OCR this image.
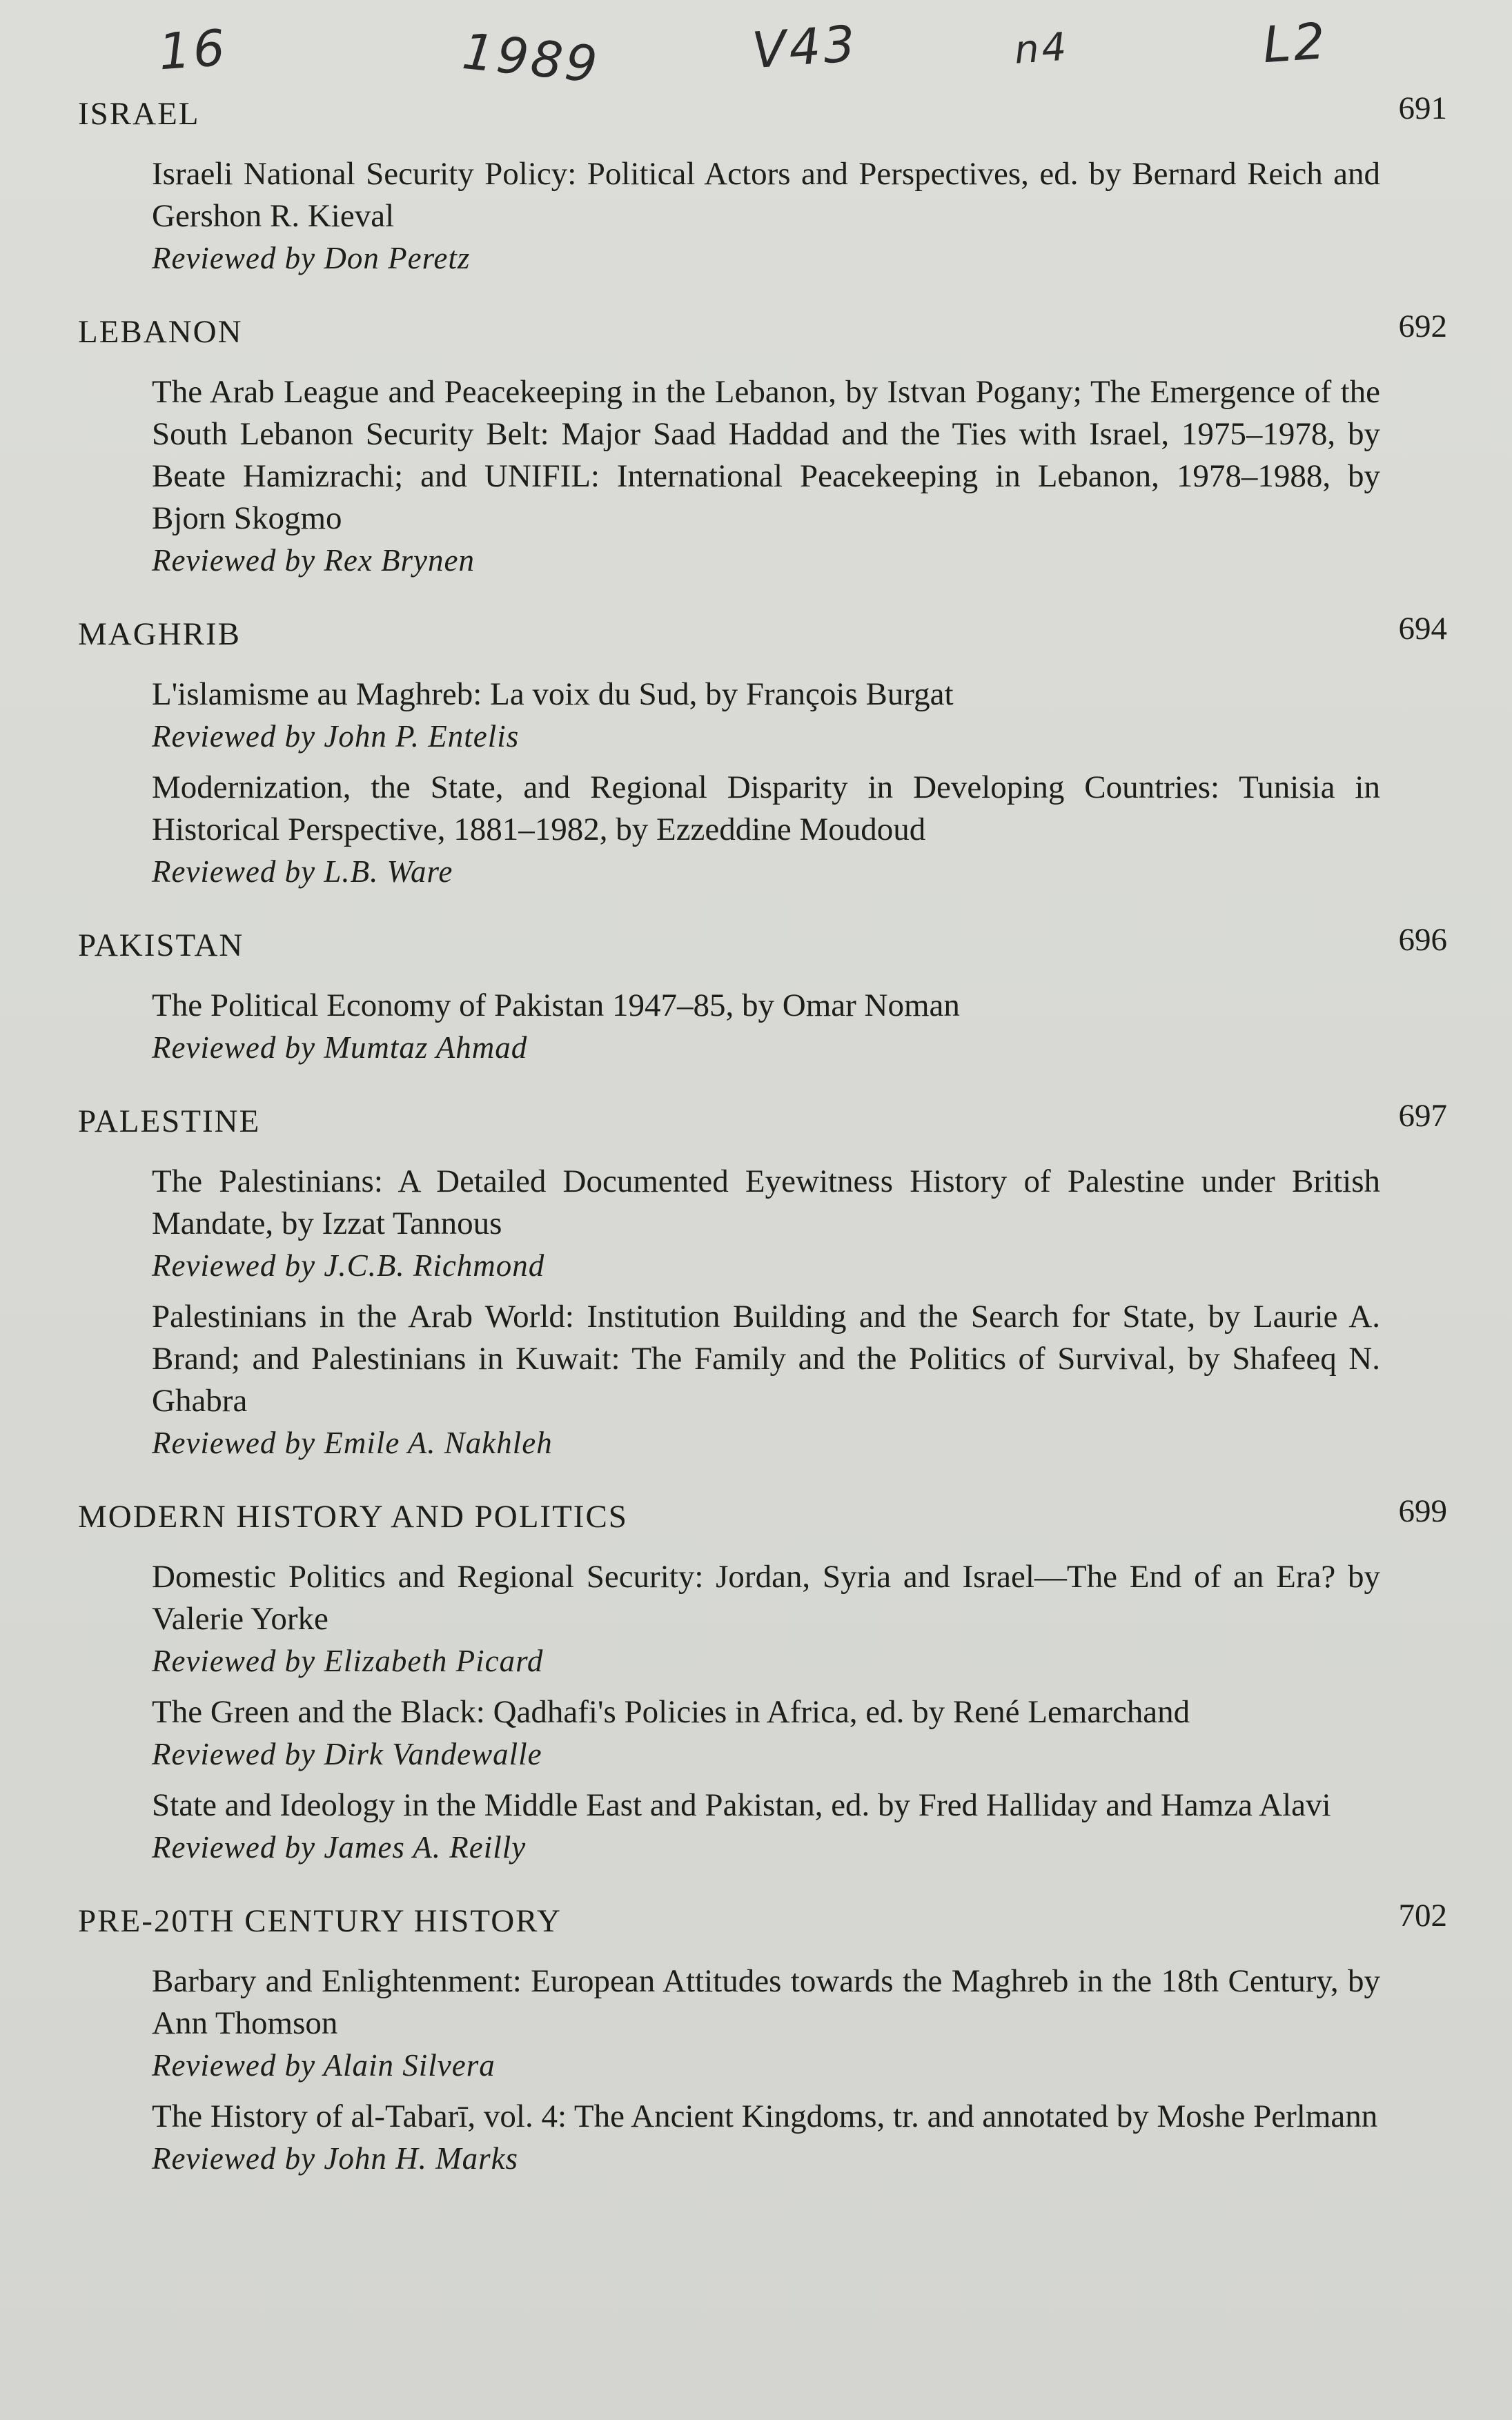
16	1989	V43	n4	L2
ISRAEL	691
Israeli National Security Policy: Political Actors and Perspectives, ed. by Bernard Reich and Gershon R. Kieval
Reviewed by Don Peretz
LEBANON	692
The Arab League and Peacekeeping in the Lebanon, by Istvan Pogany; The Emergence of the South Lebanon Security Belt: Major Saad Haddad and the Ties with Israel, 1975–1978, by Beate Hamizrachi; and UNIFIL: International Peacekeeping in Lebanon, 1978–1988, by Bjorn Skogmo
Reviewed by Rex Brynen
MAGHRIB	694
L'islamisme au Maghreb: La voix du Sud, by François Burgat
Reviewed by John P. Entelis
Modernization, the State, and Regional Disparity in Developing Countries: Tunisia in Historical Perspective, 1881–1982, by Ezzeddine Moudoud
Reviewed by L.B. Ware
PAKISTAN	696
The Political Economy of Pakistan 1947–85, by Omar Noman
Reviewed by Mumtaz Ahmad
PALESTINE	697
The Palestinians: A Detailed Documented Eyewitness History of Palestine under British Mandate, by Izzat Tannous
Reviewed by J.C.B. Richmond
Palestinians in the Arab World: Institution Building and the Search for State, by Laurie A. Brand; and Palestinians in Kuwait: The Family and the Politics of Survival, by Shafeeq N. Ghabra
Reviewed by Emile A. Nakhleh
MODERN HISTORY AND POLITICS	699
Domestic Politics and Regional Security: Jordan, Syria and Israel—The End of an Era? by Valerie Yorke
Reviewed by Elizabeth Picard
The Green and the Black: Qadhafi's Policies in Africa, ed. by René Lemarchand
Reviewed by Dirk Vandewalle
State and Ideology in the Middle East and Pakistan, ed. by Fred Halliday and Hamza Alavi
Reviewed by James A. Reilly
PRE-20TH CENTURY HISTORY	702
Barbary and Enlightenment: European Attitudes towards the Maghreb in the 18th Century, by Ann Thomson
Reviewed by Alain Silvera
The History of al-Tabarī, vol. 4: The Ancient Kingdoms, tr. and annotated by Moshe Perlmann
Reviewed by John H. Marks
